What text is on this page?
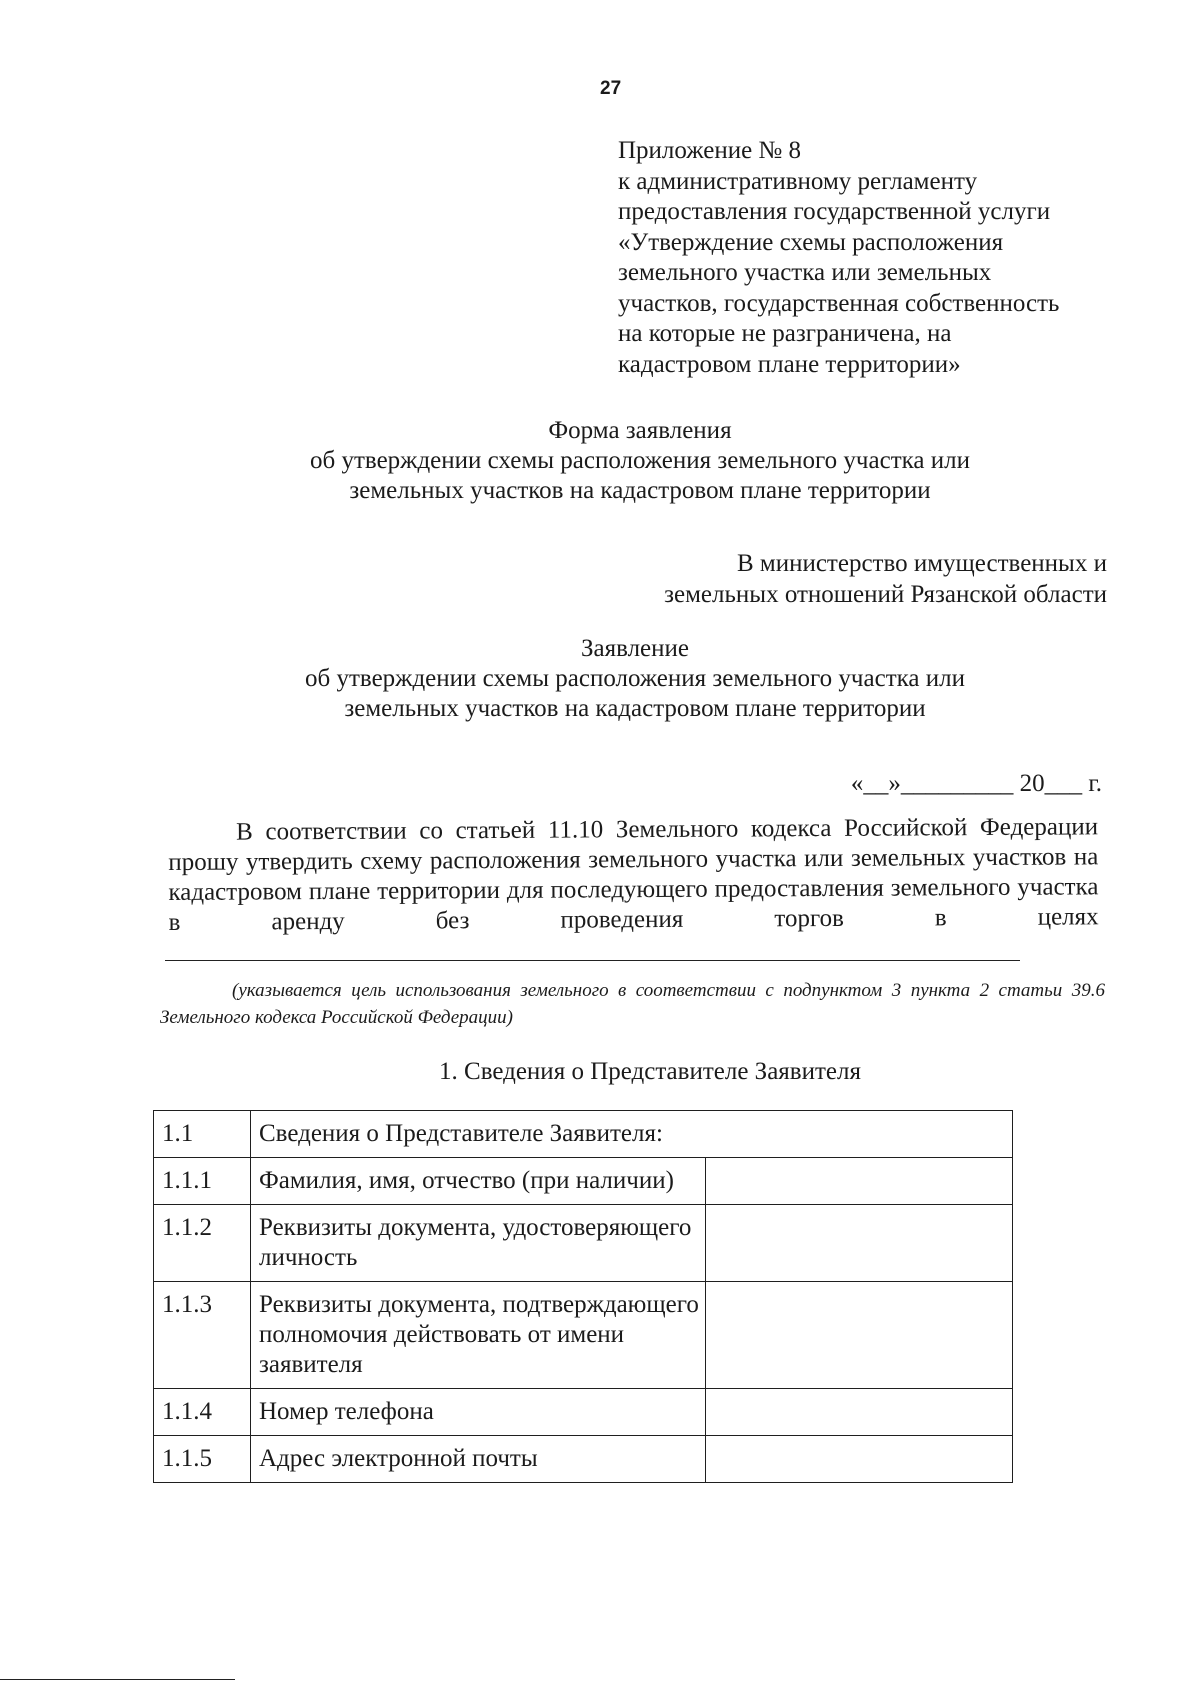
27
Приложение № 8
к административному регламенту
предоставления государственной услуги
«Утверждение схемы расположения
земельного участка или земельных
участков, государственная собственность
на которые не разграничена, на
кадастровом плане территории»
Форма заявления
об утверждении схемы расположения земельного участка или
земельных участков на кадастровом плане территории
В министерство имущественных и
земельных отношений Рязанской области
Заявление
об утверждении схемы расположения земельного участка или
земельных участков на кадастровом плане территории
«__»_________ 20___ г.
В соответствии со статьей 11.10 Земельного кодекса Российской Федерации прошу утвердить схему расположения земельного участка или земельных участков на кадастровом плане территории для последующего предоставления земельного участка в аренду без проведения торгов в целях
(указывается цель использования земельного в соответствии с подпунктом 3 пункта 2 статьи 39.6 Земельного кодекса Российской Федерации)
1. Сведения о Представителе Заявителя
1.1	Сведения о Представителе Заявителя:	
1.1.1	Фамилия, имя, отчество (при наличии)	
1.1.2	Реквизиты документа, удостоверяющего личность	
1.1.3	Реквизиты документа, подтверждающего полномочия действовать от имени заявителя	
1.1.4	Номер телефона	
1.1.5	Адрес электронной почты	
